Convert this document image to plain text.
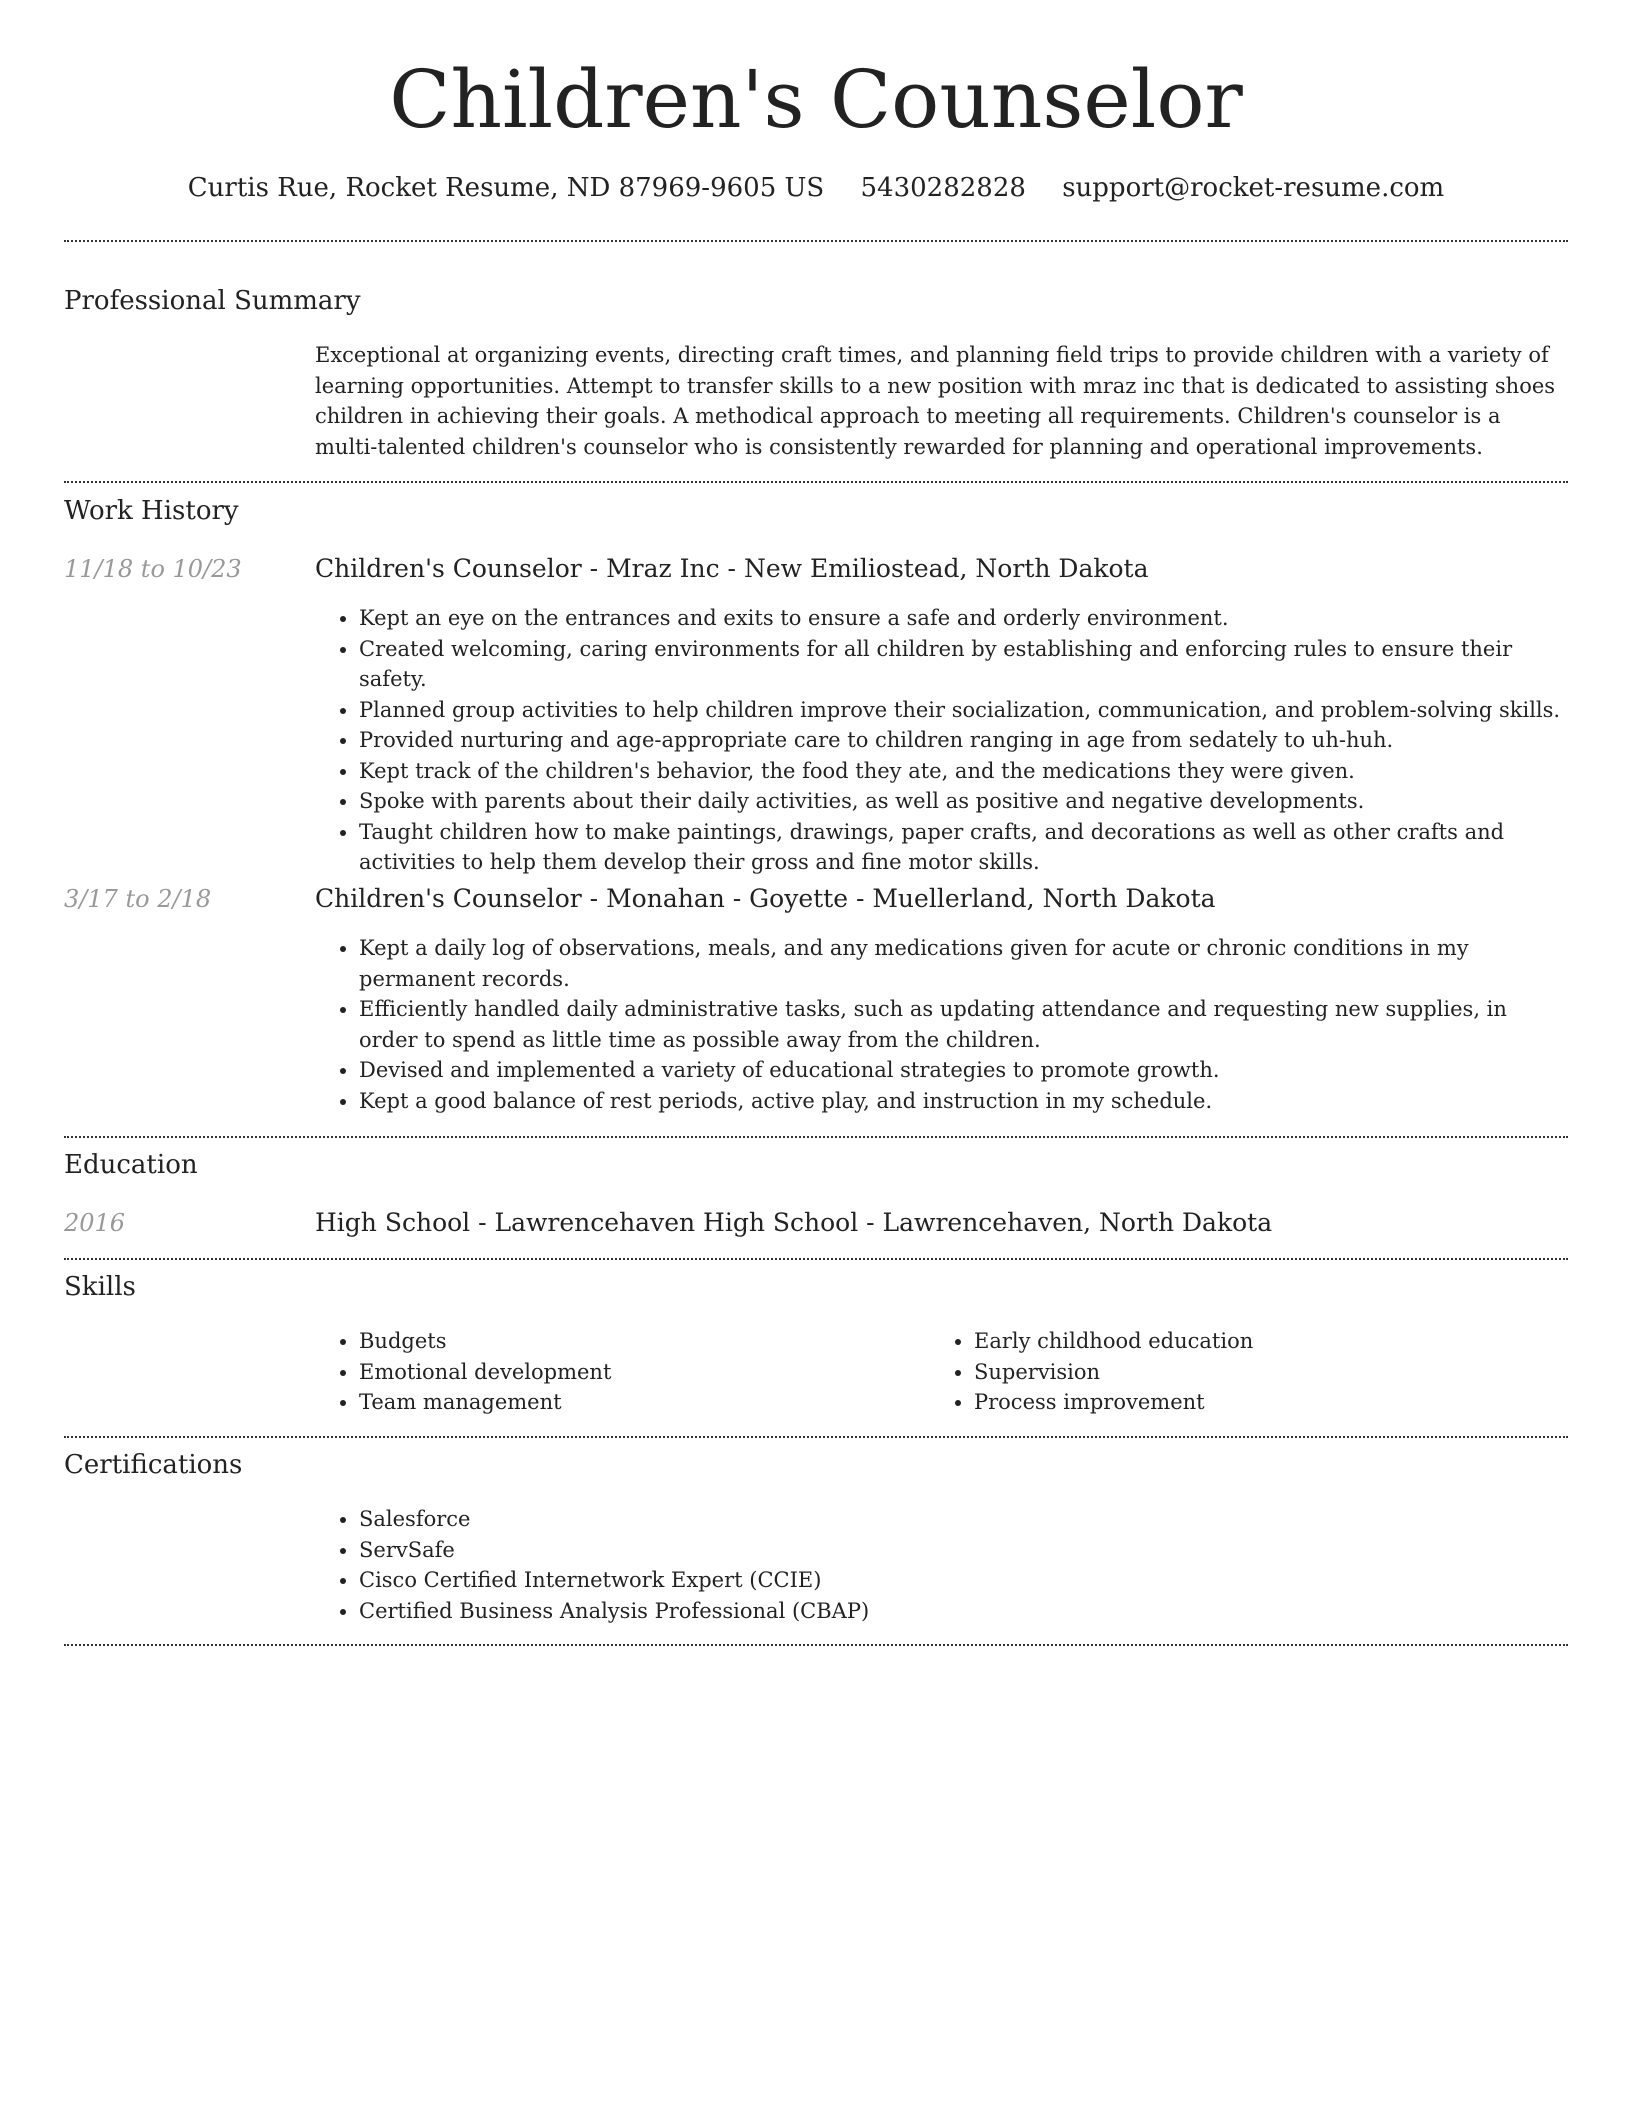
Children's Counselor
Curtis Rue, Rocket Resume, ND 87969-9605 US 5430282828 support@rocket-resume.com
Professional Summary

Exceptional at organizing events, directing craft times, and planning field trips to provide children with a variety of learning opportunities. Attempt to transfer skills to a new position with mraz inc that is dedicated to assisting shoes children in achieving their goals. A methodical approach to meeting all requirements. Children's counselor is a multi-talented children's counselor who is consistently rewarded for planning and operational improvements.

Work History
11/18 to 10/23	Children's Counselor - Mraz Inc - New Emiliostead, North Dakota
• Kept an eye on the entrances and exits to ensure a safe and orderly environment.
• Created welcoming, caring environments for all children by establishing and enforcing rules to ensure their safety.
• Planned group activities to help children improve their socialization, communication, and problem-solving skills.
• Provided nurturing and age-appropriate care to children ranging in age from sedately to uh-huh.
• Kept track of the children's behavior, the food they ate, and the medications they were given.
• Spoke with parents about their daily activities, as well as positive and negative developments.
• Taught children how to make paintings, drawings, paper crafts, and decorations as well as other crafts and activities to help them develop their gross and fine motor skills.
3/17 to 2/18	Children's Counselor - Monahan - Goyette - Muellerland, North Dakota
• Kept a daily log of observations, meals, and any medications given for acute or chronic conditions in my permanent records.
• Efficiently handled daily administrative tasks, such as updating attendance and requesting new supplies, in order to spend as little time as possible away from the children.
• Devised and implemented a variety of educational strategies to promote growth.
• Kept a good balance of rest periods, active play, and instruction in my schedule.
Education
2016	High School - Lawrencehaven High School - Lawrencehaven, North Dakota
Skills
• Budgets
• Emotional development
• Team management
• Early childhood education
• Supervision
• Process improvement
Certifications
• Salesforce
• ServSafe
• Cisco Certified Internetwork Expert (CCIE)
• Certified Business Analysis Professional (CBAP)
